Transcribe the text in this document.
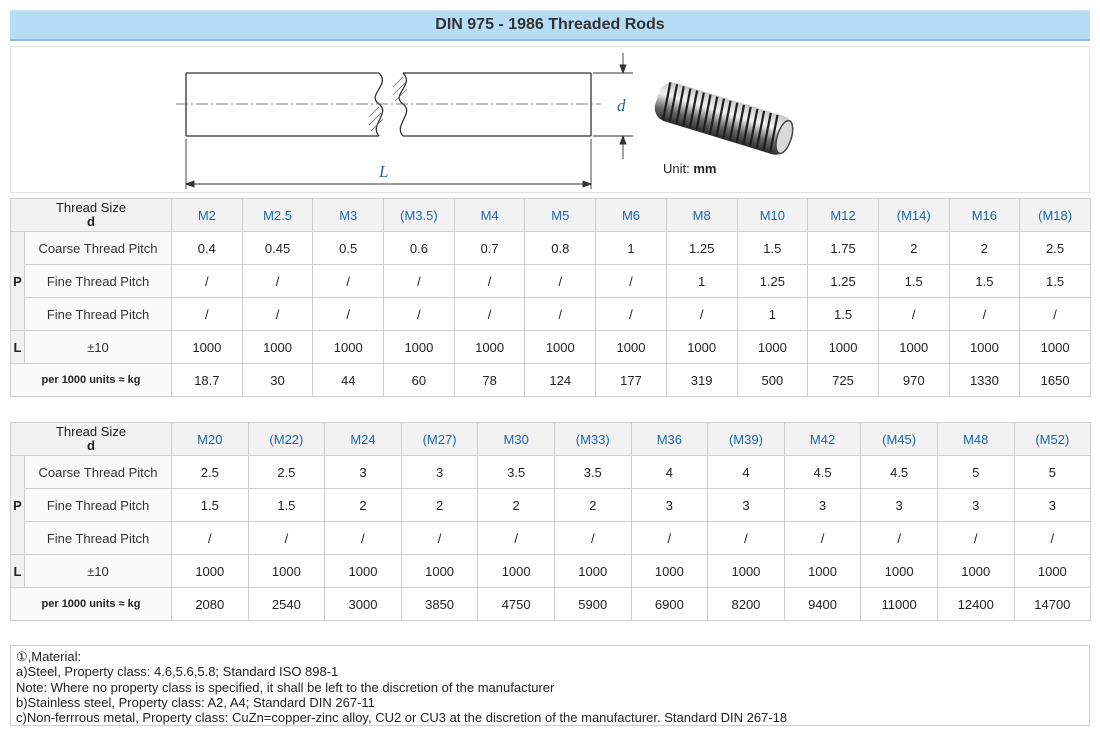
DIN 975 - 1986 Threaded Rods
d
L	Unit: mm
Thread Size
d		M2	M2.5	M3	(M3.5)	M4	M5	M6	M8	M10	M12	(M14)	M16	(M18)
P	Coarse Thread Pitch	0.4	0.45	0.5	0.6	0.7	0.8	1	1.25	1.5	1.75	2	2	2.5
	Fine Thread Pitch	/	/	/	/	/	/	/	1	1.25	1.25	1.5	1.5	1.5
	Fine Thread Pitch	/	/	/	/	/	/	/	/	1	1.5	/	/	/
L	±10	1000	1000	1000	1000	1000	1000	1000	1000	1000	1000	1000	1000	1000
per 1000 units ≈ kg		18.7	30	44	60	78	124	177	319	500	725	970	1330	1650
Thread Size
d		M20	(M22)	M24	(M27)	M30	(M33)	M36	(M39)	M42	(M45)	M48	(M52)
P	Coarse Thread Pitch	2.5	2.5	3	3	3.5	3.5	4	4	4.5	4.5	5	5
	Fine Thread Pitch	1.5	1.5	2	2	2	2	3	3	3	3	3	3
	Fine Thread Pitch	/	/	/	/	/	/	/	/	/	/	/	/
L	±10	1000	1000	1000	1000	1000	1000	1000	1000	1000	1000	1000	1000
per 1000 units ≈ kg		2080	2540	3000	3850	4750	5900	6900	8200	9400	11000	12400	14700
①,Material:
a)Steel, Property class: 4.6,5.6,5.8; Standard ISO 898-1
Note: Where no property class is specified, it shall be left to the discretion of the manufacturer
b)Stainless steel, Property class: A2, A4; Standard DIN 267-11
c)Non-ferrrous metal, Property class: CuZn=copper-zinc alloy, CU2 or CU3 at the discretion of the manufacturer. Standard DIN 267-18
